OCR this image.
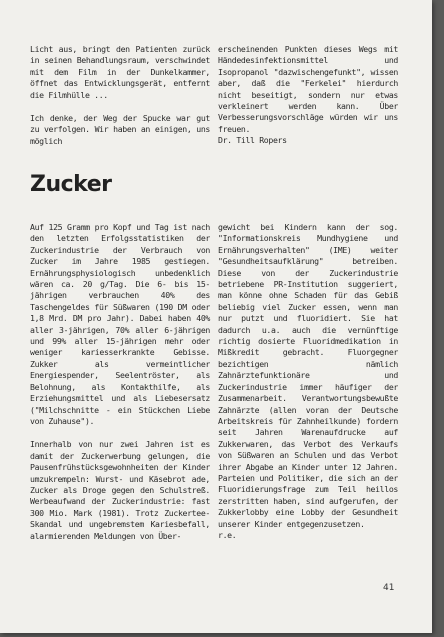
Licht aus, bringt den Patienten zurück in seinen Behandlungsraum, verschwindet mit dem Film in der Dunkelkammer, öffnet das Entwicklungsgerät, entfernt die Filmhülle ...

Ich denke, der Weg der Spucke war gut zu verfolgen. Wir haben an einigen, uns möglich

erscheinenden Punkten dieses Wegs mit Händedesinfektionsmittel und Isopropanol "dazwischengefunkt", wissen aber, daß die "Ferkelei" hierdurch nicht beseitigt, sondern nur etwas verkleinert werden kann. Über Verbesserungsvorschläge würden wir uns freuen.

Dr. Till Ropers

Zucker

Auf 125 Gramm pro Kopf und Tag ist nach den letzten Erfolgsstatistiken der Zuckerindustrie der Verbrauch von Zucker im Jahre 1985 gestiegen. Ernährungsphysiologisch unbedenklich wären ca. 20 g/Tag. Die 6- bis 15-jährigen verbrauchen 40% des Taschengeldes für Süßwaren (190 DM oder 1,8 Mrd. DM pro Jahr). Dabei haben 40% aller 3-jährigen, 70% aller 6-jährigen und 99% aller 15-jährigen mehr oder weniger kariesserkrankte Gebisse. Zukker als vermeintlicher Energiespender, Seelentröster, als Belohnung, als Kontakthilfe, als Erziehungsmittel und als Liebesersatz ("Milchschnitte - ein Stückchen Liebe von Zuhause").

Innerhalb von nur zwei Jahren ist es damit der Zuckerwerbung gelungen, die Pausenfrühstücksgewohnheiten der Kinder umzukrempeln: Wurst- und Käsebrot ade, Zucker als Droge gegen den Schulstreß. Werbeaufwand der Zuckerindustrie: fast 300 Mio. Mark (1981). Trotz Zuckertee-Skandal und ungebremstem Kariesbefall, alarmierenden Meldungen von Über-

gewicht bei Kindern kann der sog. "Informationskreis Mundhygiene und Ernährungsverhalten" (IME) weiter "Gesundheitsaufklärung" betreiben. Diese von der Zuckerindustrie betriebene PR-Institution suggeriert, man könne ohne Schaden für das Gebiß beliebig viel Zucker essen, wenn man nur putzt und fluoridiert. Sie hat dadurch u.a. auch die vernünftige richtig dosierte Fluoridmedikation in Mißkredit gebracht. Fluorgegner bezichtigen nämlich Zahnärztefunktionäre und Zuckerindustrie immer häufiger der Zusammenarbeit. Verantwortungsbewußte Zahnärzte (allen voran der Deutsche Arbeitskreis für Zahnheilkunde) fordern seit Jahren Warenaufdrucke auf Zukkerwaren, das Verbot des Verkaufs von Süßwaren an Schulen und das Verbot ihrer Abgabe an Kinder unter 12 Jahren. Parteien und Politiker, die sich an der Fluoridierungsfrage zum Teil heillos zerstritten haben, sind aufgerufen, der Zukkerlobby eine Lobby der Gesundheit unserer Kinder entgegenzusetzen.

r.e.

41
